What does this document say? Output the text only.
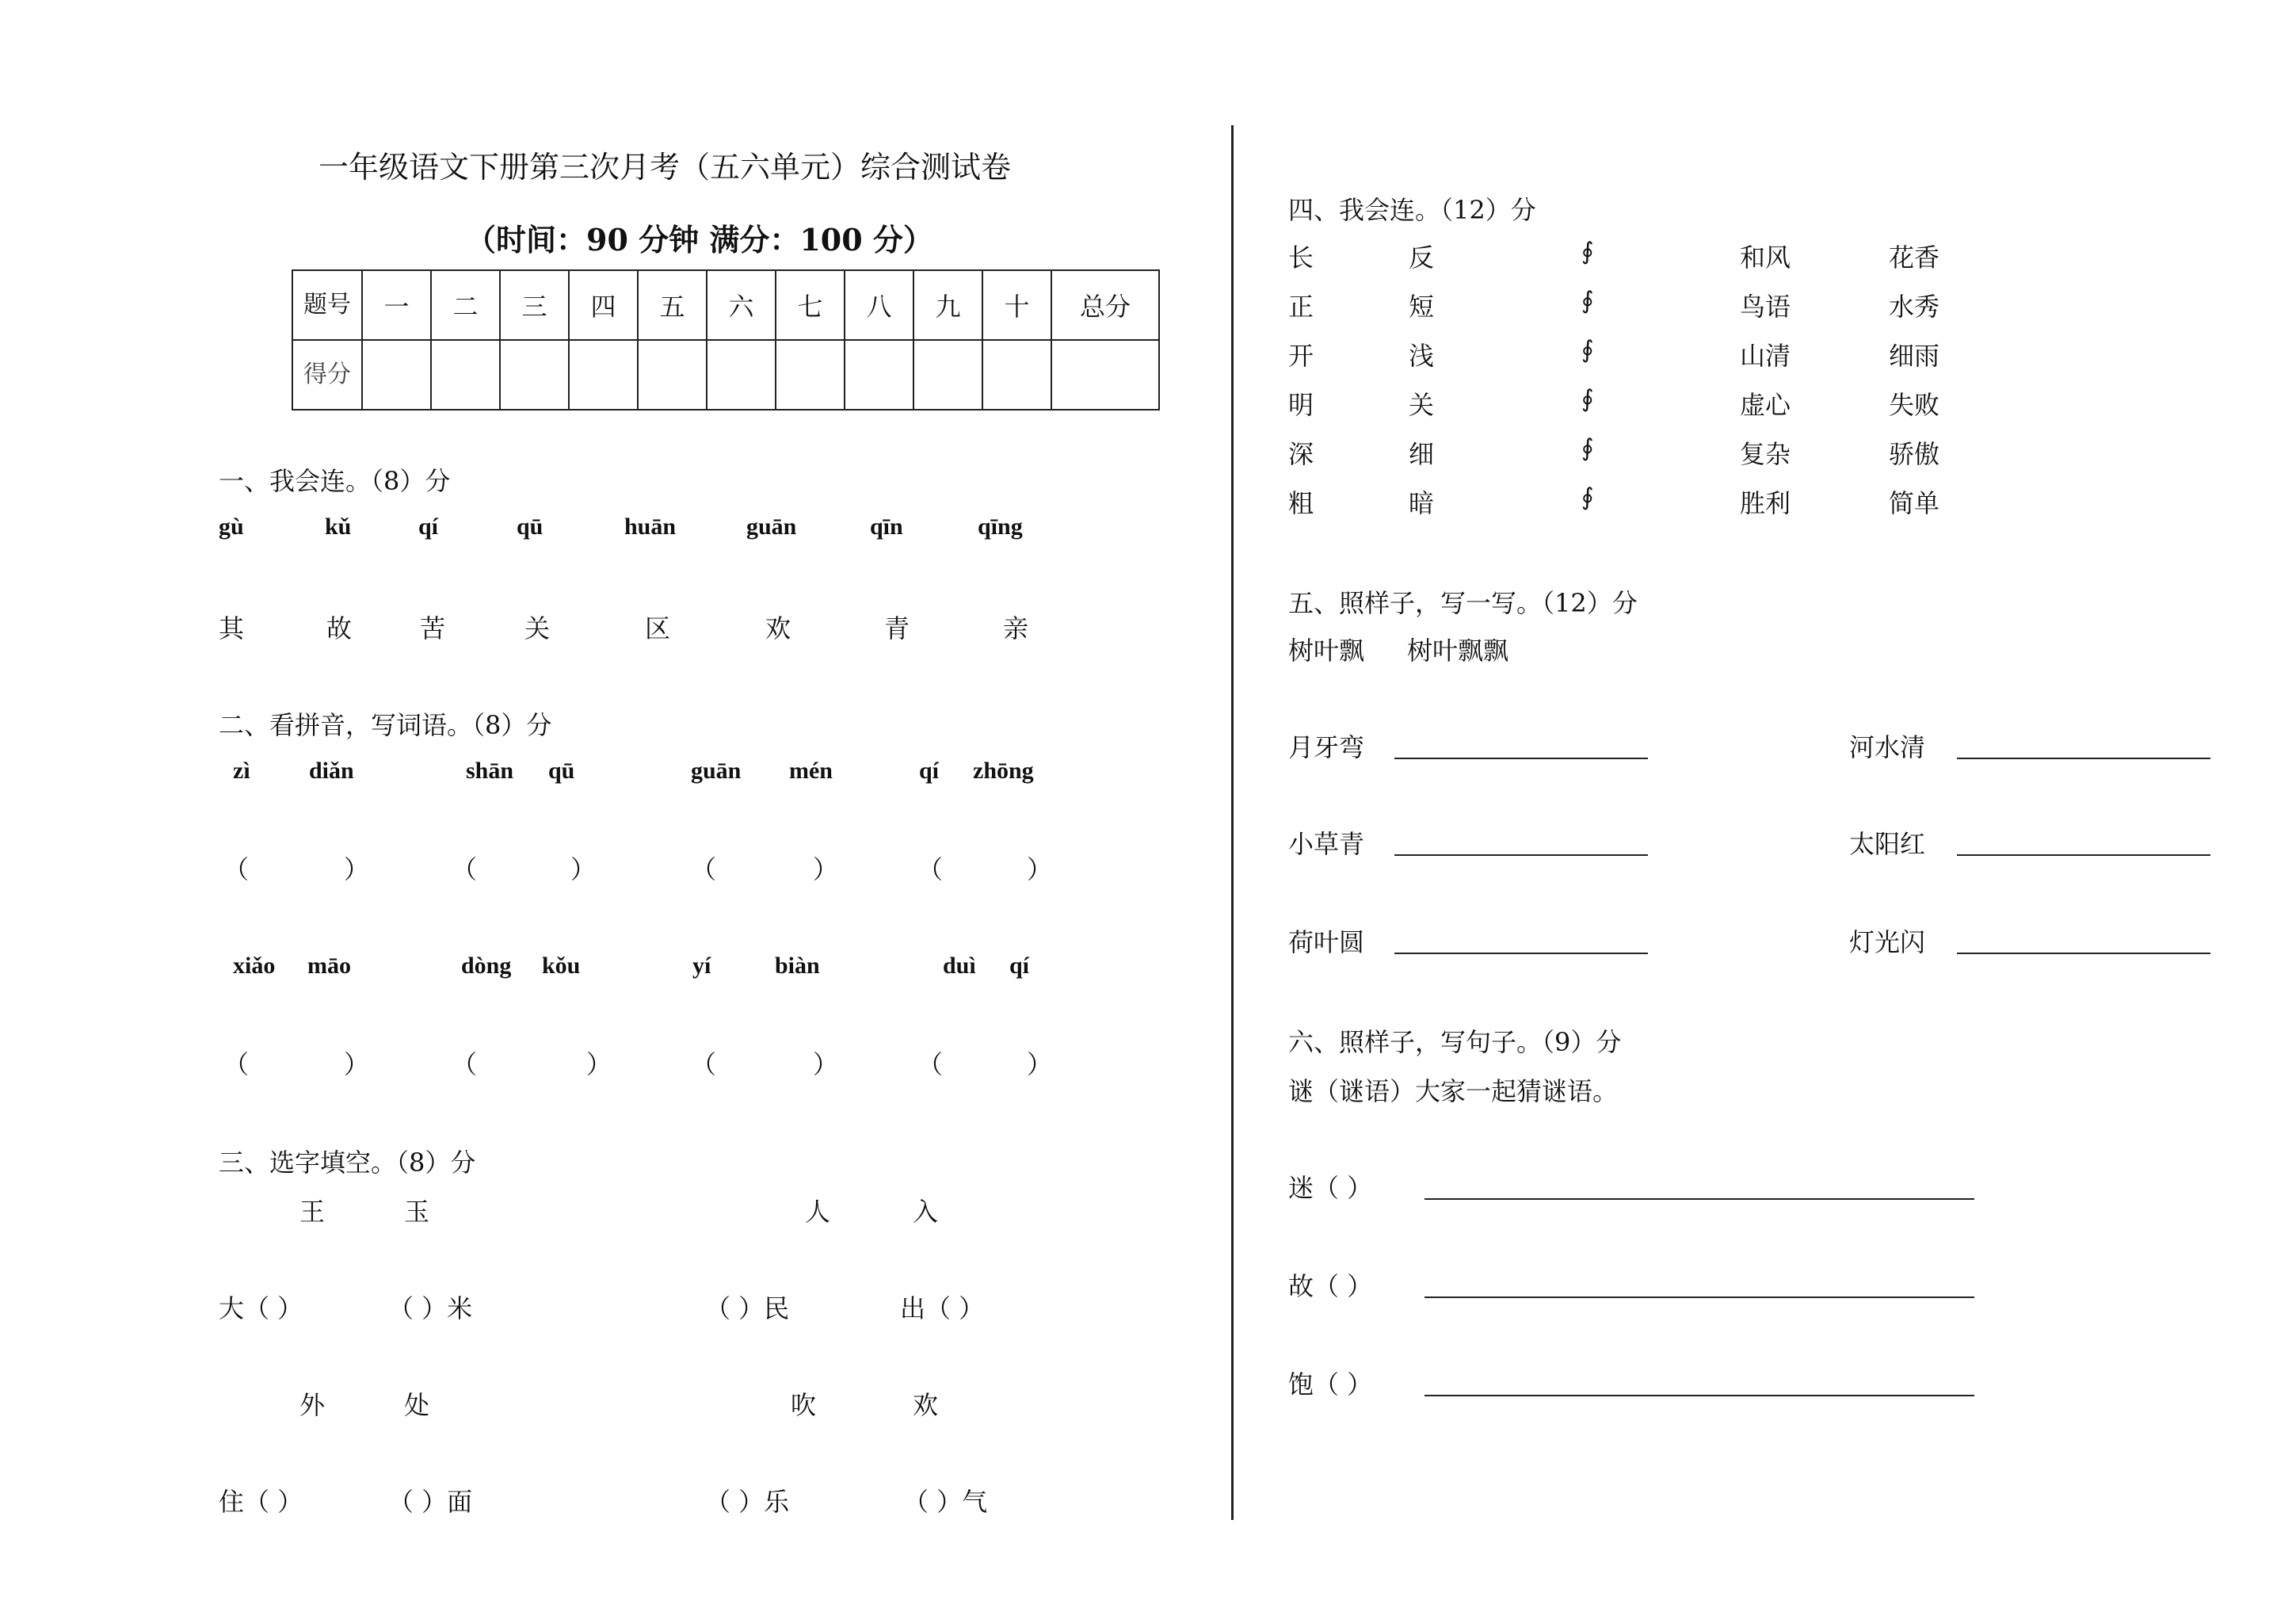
一年级语文下册第三次月考（五六单元）综合测试卷
（时间：90 分钟 满分：100 分）
题号	一	二	三	四	五	六	七	八	九	十	总分
得分											
一、我会连。（8）分
gù	kǔ	qí	qū	huān	guān	qīn	qīng
其	故	苦	关	区	欢	青	亲
二、看拼音，写词语。（8）分
zì diǎn	shān qū	guān mén	qí zhōng
（	）	（	）	（	）	（	）
xiǎo māo	dòng kǒu	yí	biàn	duì qí
（	）	（	）	（	）	（	）
三、选字填空。（8）分
王	玉	人	入
大（ ）	（ ）米	（ ）民	出（ ）
外	处	吹	欢
住（ ）	（ ）面	（ ）乐	（ ）气
四、我会连。（12）分
长	反	∮	和风	花香
正	短	∮	鸟语	水秀
开	浅	∮	山清	细雨
明	关	∮	虚心	失败
深	细	∮	复杂	骄傲
粗	暗	∮	胜利	简单
五、照样子，写一写。（12）分
树叶飘 树叶飘飘
月牙弯	河水清
小草青	太阳红
荷叶圆	灯光闪
六、照样子，写句子。（9）分
谜（谜语）大家一起猜谜语。
迷（ ）
故（ ）
饱（ ）
